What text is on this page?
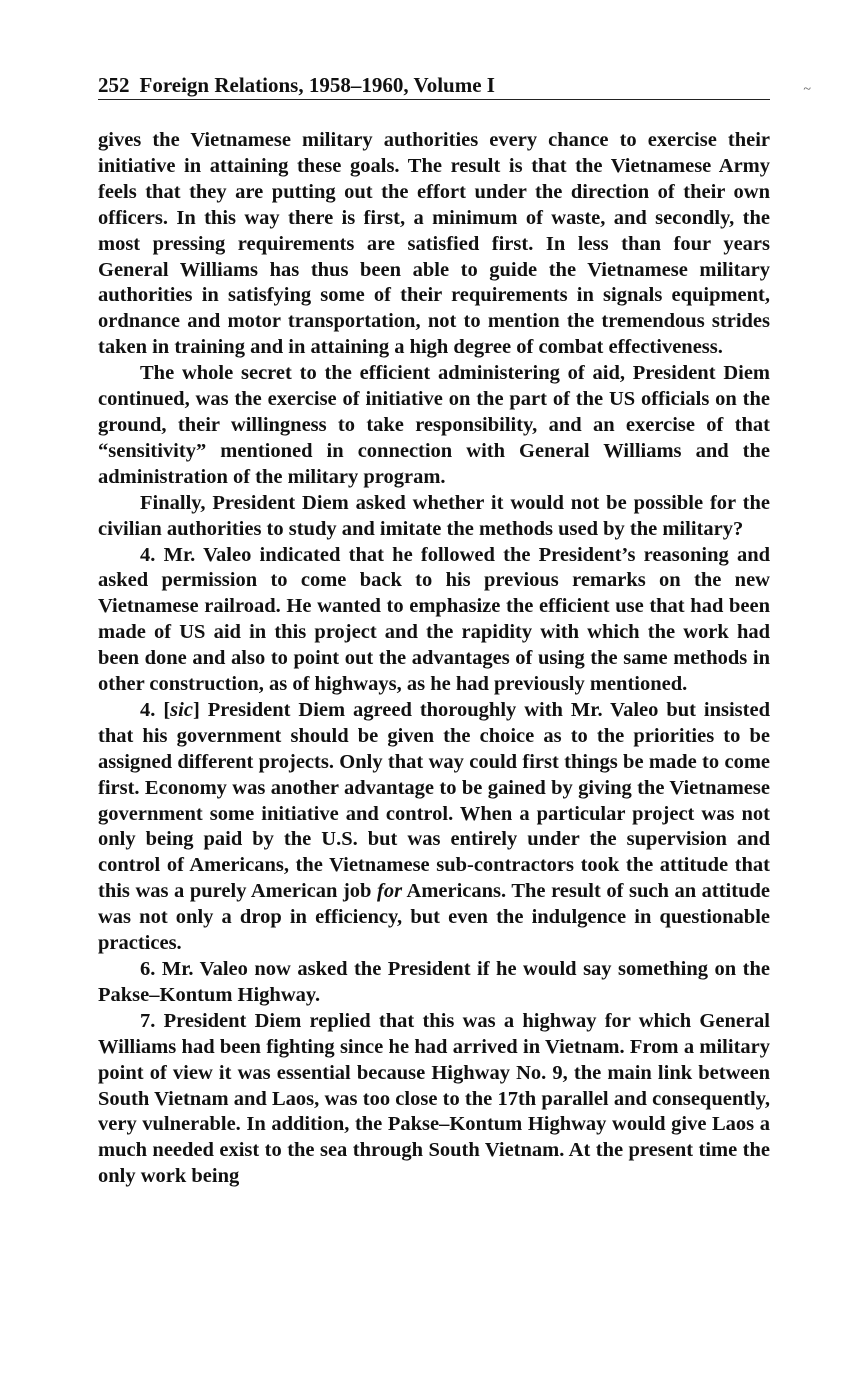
~
252 Foreign Relations, 1958–1960, Volume I

gives the Vietnamese military authorities every chance to exercise their initiative in attaining these goals. The result is that the Vietnamese Army feels that they are putting out the effort under the direction of their own officers. In this way there is first, a minimum of waste, and secondly, the most pressing requirements are satisfied first. In less than four years General Williams has thus been able to guide the Vietnamese military authorities in satisfying some of their requirements in signals equipment, ordnance and motor transportation, not to mention the tremendous strides taken in training and in attaining a high degree of combat effectiveness.

The whole secret to the efficient administering of aid, President Diem continued, was the exercise of initiative on the part of the US officials on the ground, their willingness to take responsibility, and an exercise of that “sensitivity” mentioned in connection with General Williams and the administration of the military program.

Finally, President Diem asked whether it would not be possible for the civilian authorities to study and imitate the methods used by the military?

4. Mr. Valeo indicated that he followed the President’s reasoning and asked permission to come back to his previous remarks on the new Vietnamese railroad. He wanted to emphasize the efficient use that had been made of US aid in this project and the rapidity with which the work had been done and also to point out the advantages of using the same methods in other construction, as of highways, as he had previously mentioned.

4. [sic] President Diem agreed thoroughly with Mr. Valeo but insisted that his government should be given the choice as to the priorities to be assigned different projects. Only that way could first things be made to come first. Economy was another advantage to be gained by giving the Vietnamese government some initiative and control. When a particular project was not only being paid by the U.S. but was entirely under the supervision and control of Americans, the Vietnamese sub-contractors took the attitude that this was a purely American job for Americans. The result of such an attitude was not only a drop in efficiency, but even the indulgence in questionable practices.

6. Mr. Valeo now asked the President if he would say something on the Pakse–Kontum Highway.

7. President Diem replied that this was a highway for which General Williams had been fighting since he had arrived in Vietnam. From a military point of view it was essential because Highway No. 9, the main link between South Vietnam and Laos, was too close to the 17th parallel and consequently, very vulnerable. In addition, the Pakse–Kontum Highway would give Laos a much needed exist to the sea through South Vietnam. At the present time the only work being
